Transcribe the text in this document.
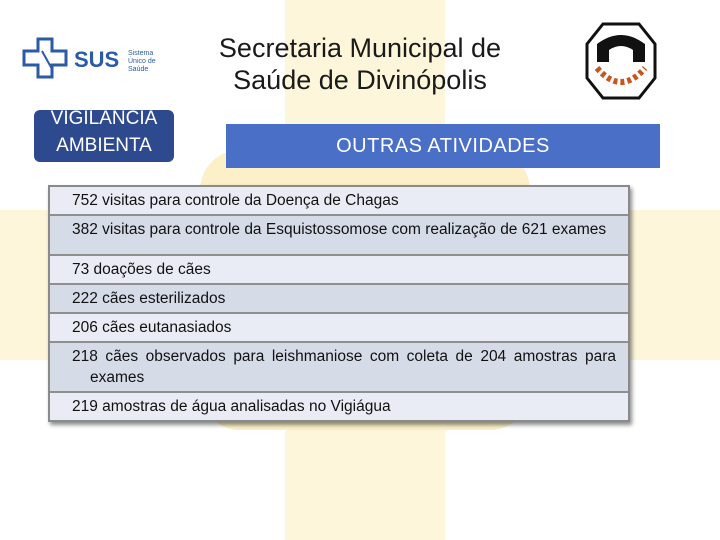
SUS Sistema Único de Saúde
Secretaria Municipal de
Saúde de Divinópolis
VIGILÂNCIA
AMBIENTA
L
OUTRAS ATIVIDADES
752 visitas para controle da Doença de Chagas
382 visitas para controle da Esquistossomose com realização de 621 exames
73 doações de cães
222 cães esterilizados
206 cães eutanasiados
218 cães observados para leishmaniose com coleta de 204 amostras para exames
219 amostras de água analisadas no Vigiágua
